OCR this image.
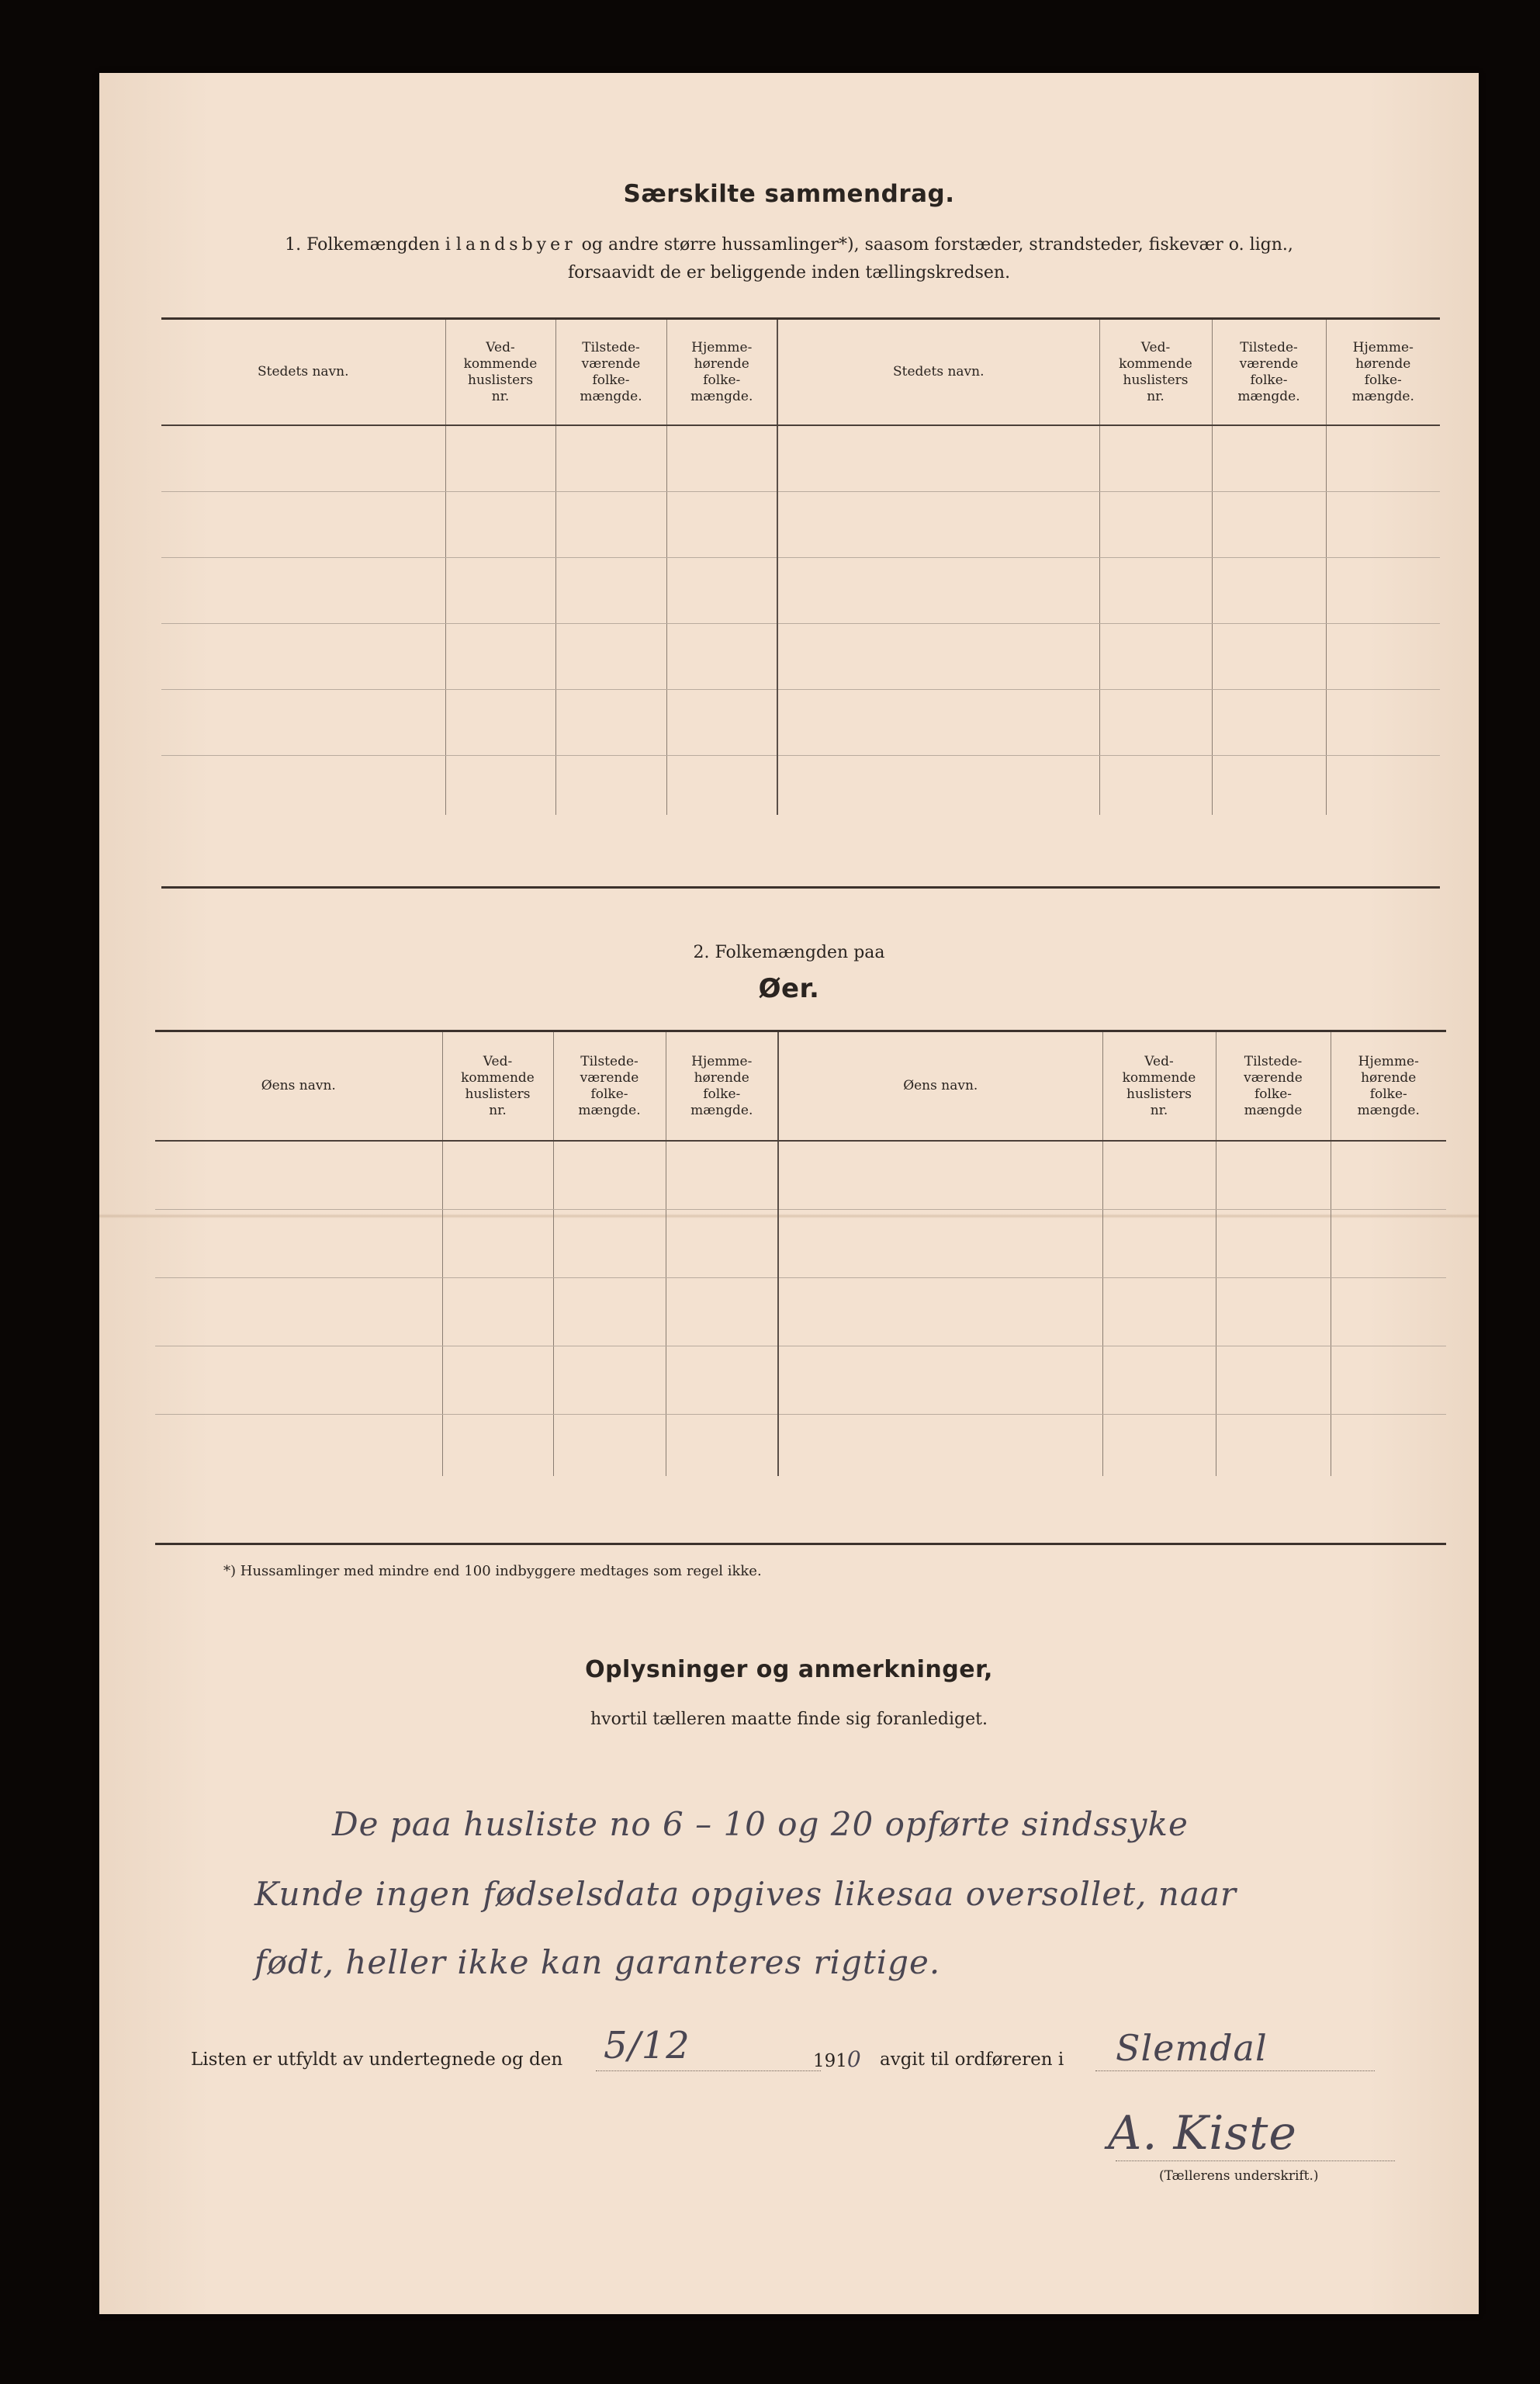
Særskilte sammendrag.
1. Folkemængden i landsbyer og andre større hussamlinger*), saasom forstæder, strandsteder, fiskevær o. lign.,
forsaavidt de er beliggende inden tællingskredsen.
Stedets navn.	Ved-
kommende
huslisters
nr.	Tilstede-
værende
folke-
mængde.	Hjemme-
hørende
folke-
mængde.	Stedets navn.	Ved-
kommende
huslisters
nr.	Tilstede-
værende
folke-
mængde.	Hjemme-
hørende
folke-
mængde.

2. Folkemængden paa
Øer.
Øens navn.	Ved-
kommende
huslisters
nr.	Tilstede-
værende
folke-
mængde.	Hjemme-
hørende
folke-
mængde.	Øens navn.	Ved-
kommende
huslisters
nr.	Tilstede-
værende
folke-
mængde	Hjemme-
hørende
folke-
mængde.

*) Hussamlinger med mindre end 100 indbyggere medtages som regel ikke.
Oplysninger og anmerkninger,
hvortil tælleren maatte finde sig foranlediget.
De paa husliste no 6 – 10 og 20 opførte sindssyke
Kunde ingen fødselsdata opgives likesaa oversollet, naar
født, heller ikke kan garanteres rigtige.
Listen er utfyldt av undertegnede og den 5/12	1910 avgit til ordføreren i Slemdal
A. Kiste
(Tællerens underskrift.)
